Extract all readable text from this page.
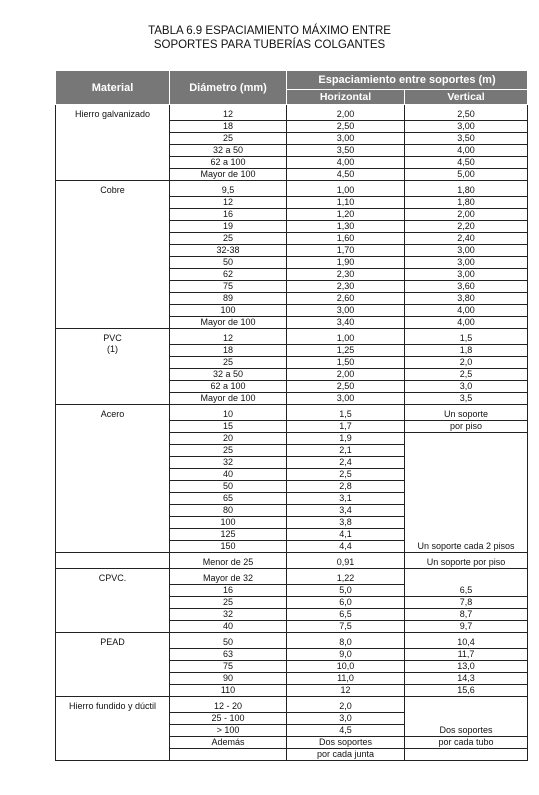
TABLA 6.9 ESPACIAMIENTO MÁXIMO ENTRE
SOPORTES PARA TUBERÍAS COLGANTES
Material	Diámetro (mm)	Espaciamiento entre soportes (m)	
		Horizontal	Vertical

Hierro galvanizado	12	2,00	2,50
	18	2,50	3,00
	25	3,00	3,50
	32 a 50	3,50	4,00
	62 a 100	4,00	4,50
	Mayor de 100	4,50	5,00

Cobre	9,5	1,00	1,80
	12	1,10	1,80
	16	1,20	2,00
	19	1,30	2,20
	25	1,60	2,40
	32-38	1,70	3,00
	50	1,90	3,00
	62	2,30	3,00
	75	2,30	3,60
	89	2,60	3,80
	100	3,00	4,00
	Mayor de 100	3,40	4,00

PVC
(1)	12	1,00	1,5
	18	1,25	1,8
	25	1,50	2,0
	32 a 50	2,00	2,5
	62 a 100	2,50	3,0
	Mayor de 100	3,00	3,5

Acero	10	1,5	Un soporte
	15	1,7	por piso
	20	1,9	
	25	2,1	
	32	2,4	
	40	2,5	
	50	2,8	
	65	3,1	
	80	3,4	
	100	3,8	
	125	4,1	
	150	4,4	Un soporte cada 2 pisos

	Menor de 25	0,91	Un soporte por piso

CPVC.	Mayor de 32	1,22	
	16	5,0	6,5
	25	6,0	7,8
	32	6,5	8,7
	40	7,5	9,7

PEAD	50	8,0	10,4
	63	9,0	11,7
	75	10,0	13,0
	90	11,0	14,3
	110	12	15,6

Hierro fundido y dúctil	12 - 20	2,0	
	25 - 100	3,0	
	> 100	4,5	Dos soportes
	Además	Dos soportes	por cada tubo
		por cada junta	
